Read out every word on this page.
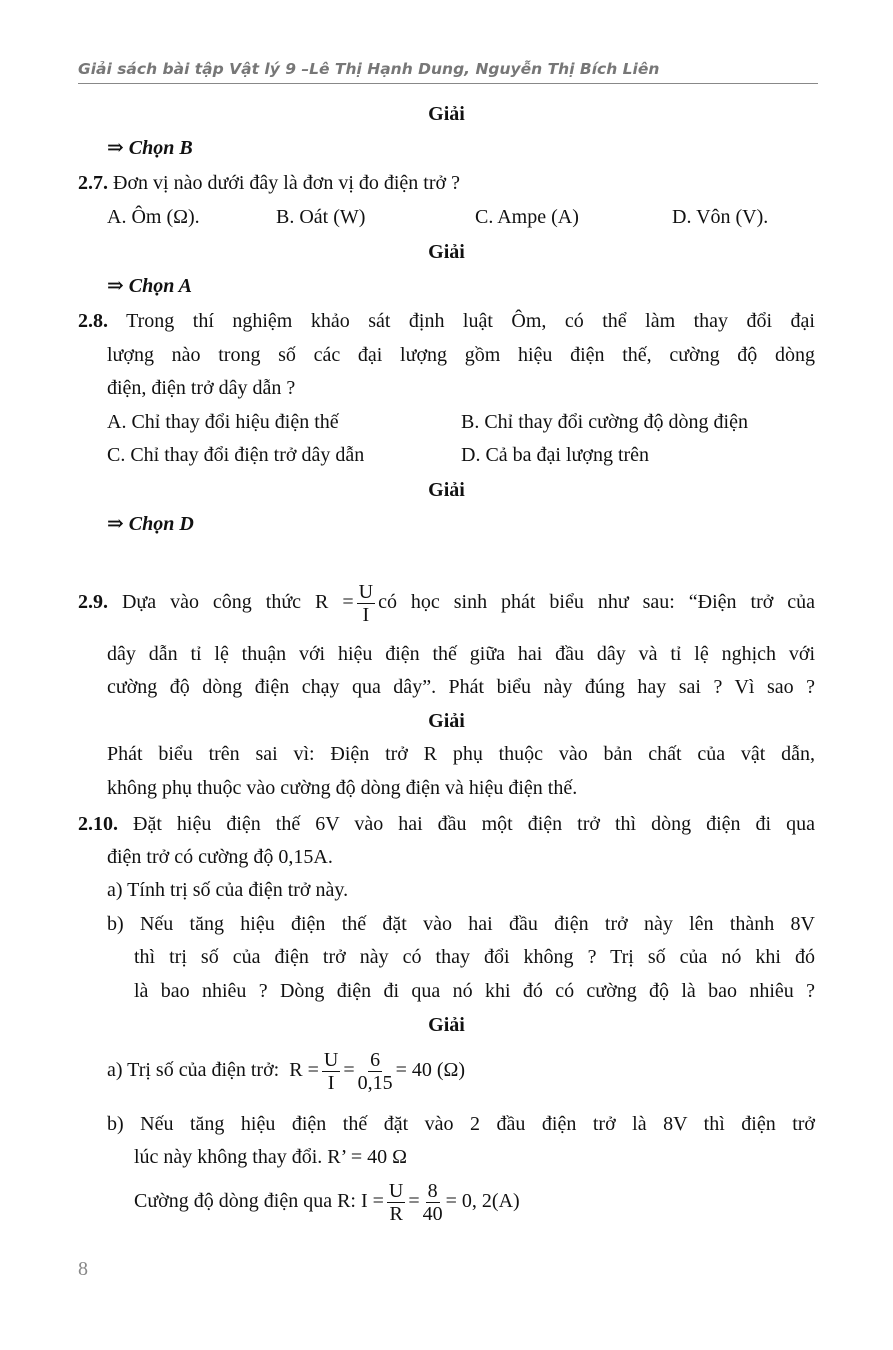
Giải sách bài tập Vật lý 9 –Lê Thị Hạnh Dung, Nguyễn Thị Bích Liên
Giải
⇒ Chọn B
2.7. Đơn vị nào dưới đây là đơn vị đo điện trở ?
A. Ôm (Ω).	B. Oát (W)	C. Ampe (A)	D. Vôn (V).
Giải
⇒ Chọn A
2.8. Trong thí nghiệm khảo sát định luật Ôm, có thể làm thay đổi đại
lượng nào trong số các đại lượng gồm hiệu điện thế, cường độ dòng
điện, điện trở dây dẫn ?
A. Chỉ thay đổi hiệu điện thế	B. Chỉ thay đổi cường độ dòng điện
C. Chỉ thay đổi điện trở dây dẫn	D. Cả ba đại lượng trên
Giải
⇒ Chọn D
2.9. Dựa vào công thức $R = \frac{U}{I}$ có học sinh phát biểu như sau: “Điện trở của
dây dẫn tỉ lệ thuận với hiệu điện thế giữa hai đầu dây và tỉ lệ nghịch với
cường độ dòng điện chạy qua dây”. Phát biểu này đúng hay sai ? Vì sao ?
Giải
Phát biểu trên sai vì: Điện trở R phụ thuộc vào bản chất của vật dẫn,
không phụ thuộc vào cường độ dòng điện và hiệu điện thế.
2.10. Đặt hiệu điện thế 6V vào hai đầu một điện trở thì dòng điện đi qua
điện trở có cường độ 0,15A.
a) Tính trị số của điện trở này.
b) Nếu tăng hiệu điện thế đặt vào hai đầu điện trở này lên thành 8V
thì trị số của điện trở này có thay đổi không ? Trị số của nó khi đó
là bao nhiêu ? Dòng điện đi qua nó khi đó có cường độ là bao nhiêu ?
Giải
a) Trị số của điện trở: $R = \frac{U}{I} = \frac{6}{0,15} = 40$ (Ω)
b) Nếu tăng hiệu điện thế đặt vào 2 đầu điện trở là 8V thì điện trở
lúc này không thay đổi. R’ = 40 Ω
Cường độ dòng điện qua R: $I = \frac{U}{R} = \frac{8}{40} = 0$, 2(A)
8
